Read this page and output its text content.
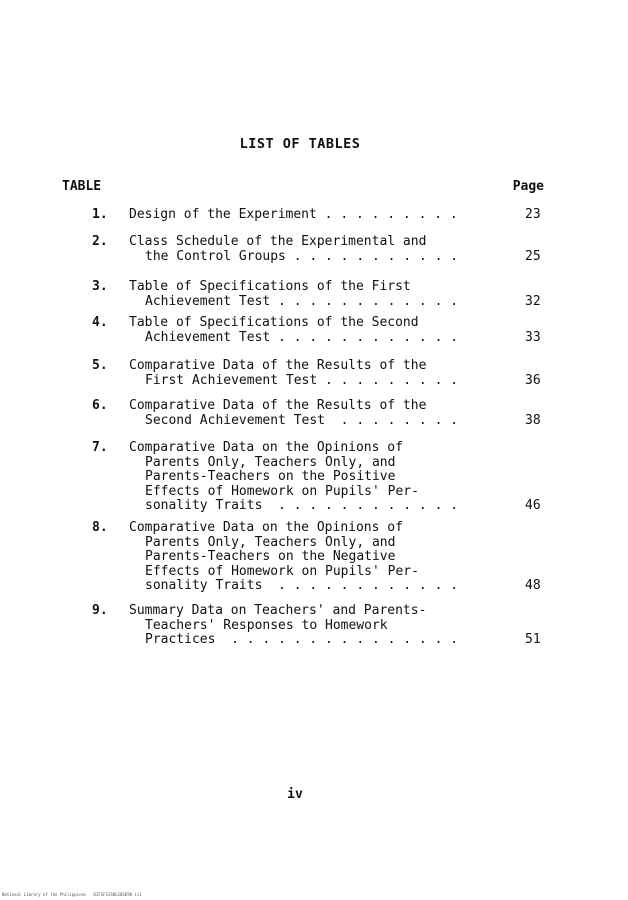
LIST OF TABLES
TABLE	Page
1. Design of the Experiment . . . . . . . . .	23
2. Class Schedule of the Experimental and
the Control Groups . . . . . . . . . . .	25
3. Table of Specifications of the First
Achievement Test . . . . . . . . . . . .	32
4. Table of Specifications of the Second
Achievement Test . . . . . . . . . . . .	33
5. Comparative Data of the Results of the
First Achievement Test . . . . . . . . .	36
6. Comparative Data of the Results of the
Second Achievement Test  . . . . . . . .	38
7. Comparative Data on the Opinions of
Parents Only, Teachers Only, and
Parents-Teachers on the Positive
Effects of Homework on Pupils' Per-
sonality Traits  . . . . . . . . . . . .	46
8. Comparative Data on the Opinions of
Parents Only, Teachers Only, and
Parents-Teachers on the Negative
Effects of Homework on Pupils' Per-
sonality Traits  . . . . . . . . . . . .	48
9. Summary Data on Teachers' and Parents-
Teachers' Responses to Homework
Practices  . . . . . . . . . . . . . . .	51
iv
National Library of the Philippines   DIFSFS3S0G10SE98 iii
